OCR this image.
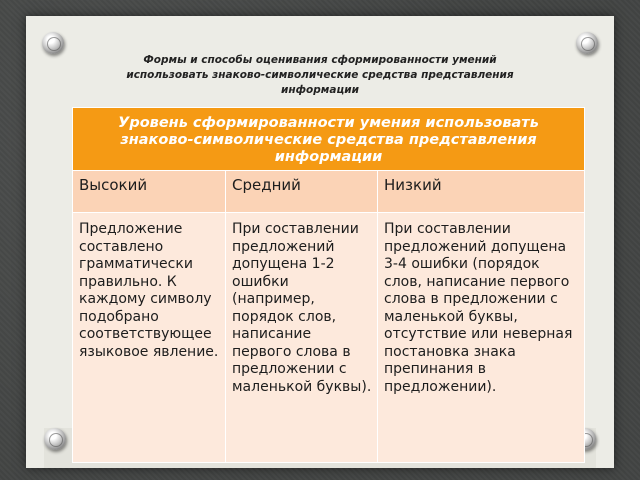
Формы и способы оценивания сформированности умений
использовать знаково-символические средства представления
информации
Уровень сформированности умения использовать
знаково-символические средства представления
информации		

Высокий	Средний	Низкий
Предложение составлено грамматически правильно. К каждому символу подобрано соответствующее языковое явление.	При составлении предложений допущена 1-2 ошибки (например, порядок слов, написание первого слова в предложении с маленькой буквы).	При составлении предложений допущена 3-4 ошибки (порядок слов, написание первого слова в предложении с маленькой буквы, отсутствие или неверная постановка знака препинания в предложении).
